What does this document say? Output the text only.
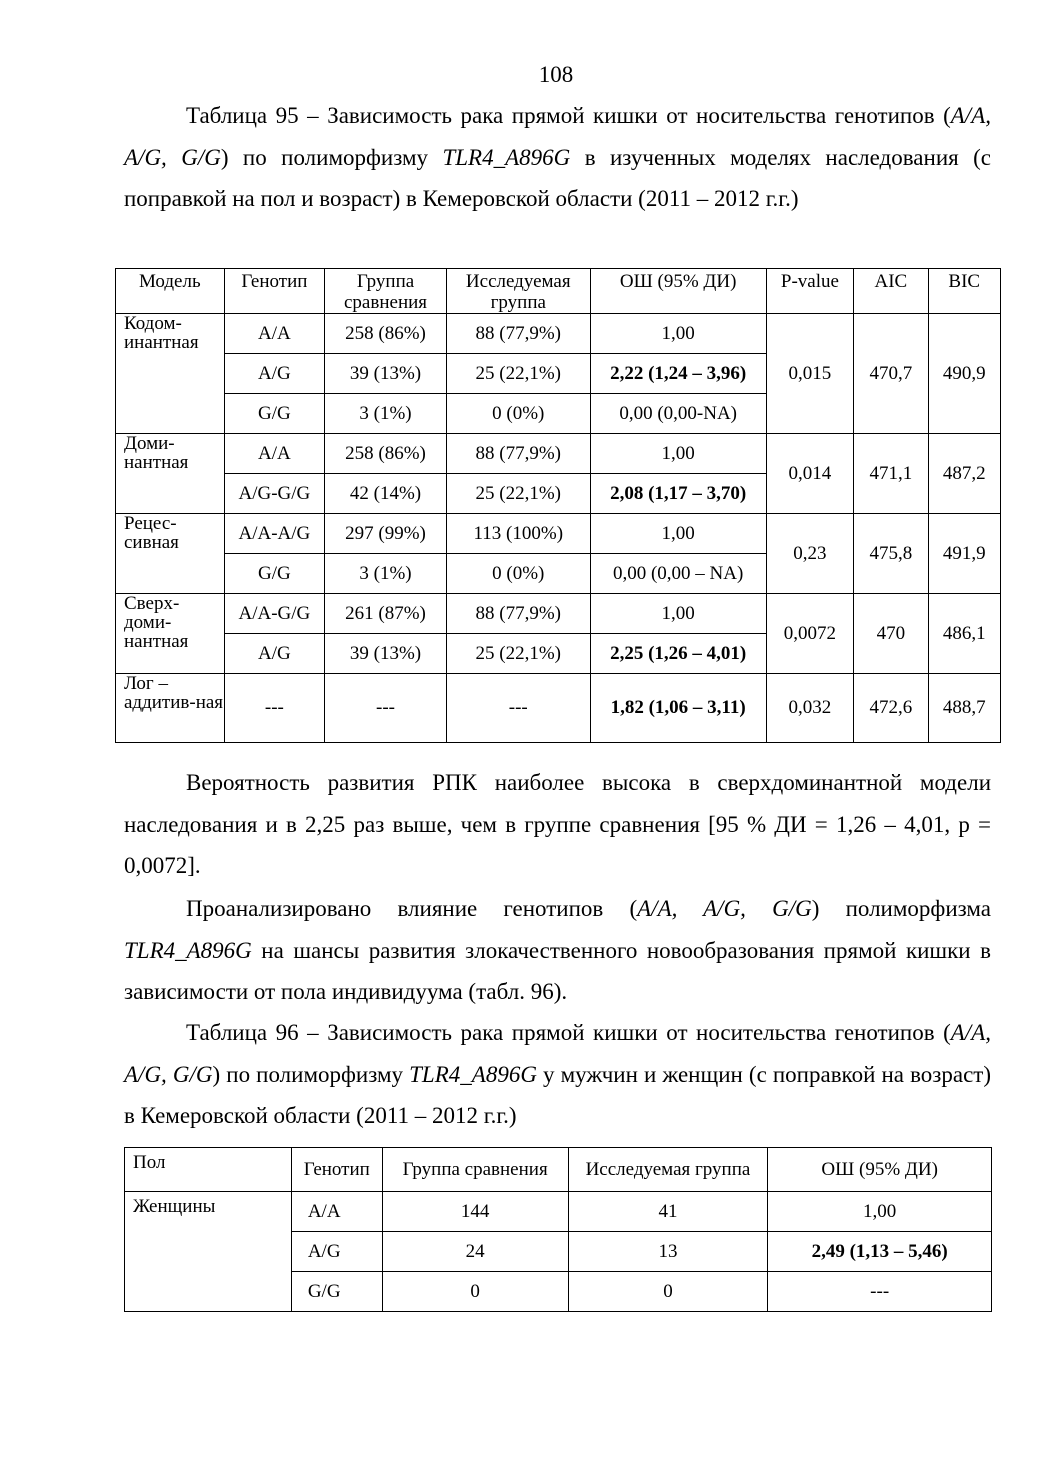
108

Таблица 95 – Зависимость рака прямой кишки от носительства генотипов (A/A, A/G, G/G) по полиморфизму TLR4_A896G в изученных моделях наследования (с поправкой на пол и возраст) в Кемеровской области (2011 – 2012 г.г.)

Модель	Генотип	Группа сравнения	Исследуемая группа	ОШ (95% ДИ)	P-value	AIC	BIC
Кодом-инантная	A/A	258 (86%)	88 (77,9%)	1,00	0,015	470,7	490,9
	A/G	39 (13%)	25 (22,1%)	2,22 (1,24 – 3,96)			
	G/G	3 (1%)	0 (0%)	0,00 (0,00-NA)			
Доми-нантная	A/A	258 (86%)	88 (77,9%)	1,00	0,014	471,1	487,2
	A/G-G/G	42 (14%)	25 (22,1%)	2,08 (1,17 – 3,70)			
Рецес-сивная	A/A-A/G	297 (99%)	113 (100%)	1,00	0,23	475,8	491,9
	G/G	3 (1%)	0 (0%)	0,00 (0,00 – NA)			
Сверх-доми-нантная	A/A-G/G	261 (87%)	88 (77,9%)	1,00	0,0072	470	486,1
	A/G	39 (13%)	25 (22,1%)	2,25 (1,26 – 4,01)			
Лог – аддитив-ная	---	---	---	1,82 (1,06 – 3,11)	0,032	472,6	488,7

Вероятность развития РПК наиболее высока в сверхдоминантной модели наследования и в 2,25 раз выше, чем в группе сравнения [95 % ДИ = 1,26 – 4,01, p = 0,0072].

Проанализировано влияние генотипов (A/A, A/G, G/G) полиморфизма TLR4_A896G на шансы развития злокачественного новообразования прямой кишки в зависимости от пола индивидуума (табл. 96).

Таблица 96 – Зависимость рака прямой кишки от носительства генотипов (A/A, A/G, G/G) по полиморфизму TLR4_A896G у мужчин и женщин (с поправкой на возраст) в Кемеровской области (2011 – 2012 г.г.)

Пол	Генотип	Группа сравнения	Исследуемая группа	ОШ (95% ДИ)
Женщины	A/A	144	41	1,00
	A/G	24	13	2,49 (1,13 – 5,46)
	G/G	0	0	---
